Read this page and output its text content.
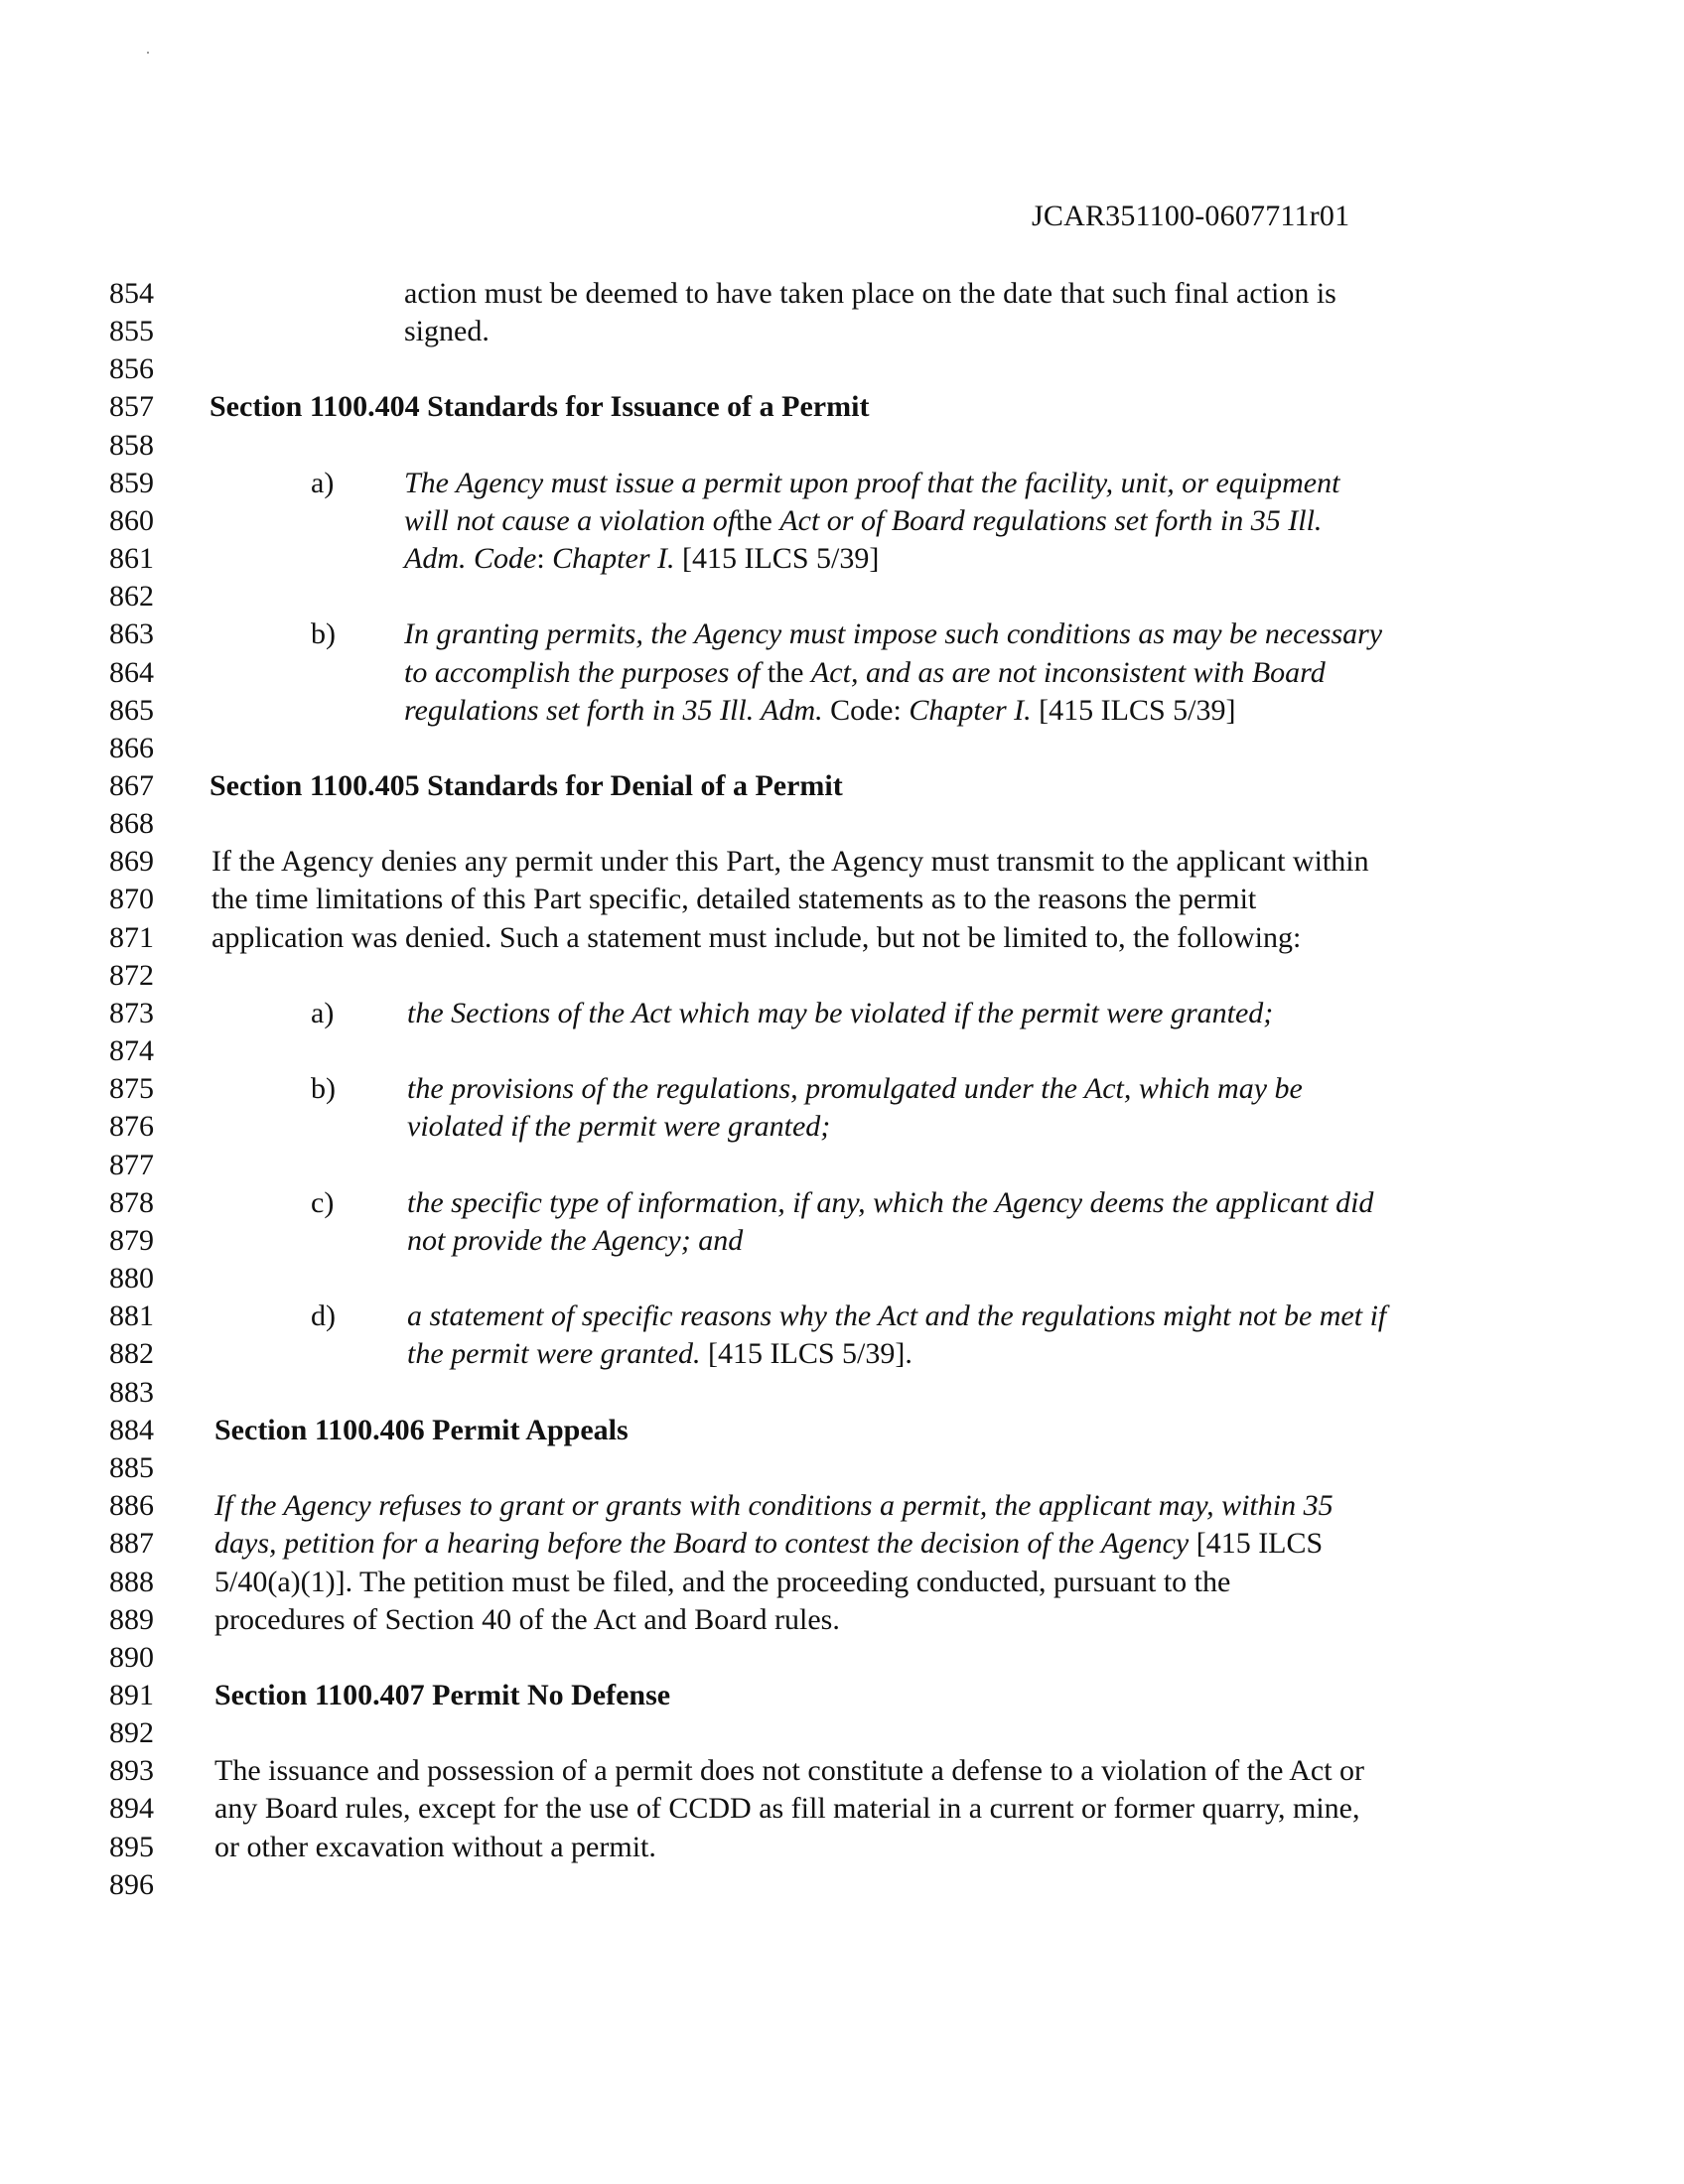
JCAR351100-0607711r01
854	action must be deemed to have taken place on the date that such final action is
855	signed.
856
857 Section 1100.404 Standards for Issuance of a Permit
858
859	a) The Agency must issue a permit upon proof that the facility, unit, or equipment
860	will not cause a violation ofthe Act or of Board regulations set forth in 35 Ill.
861	Adm. Code: Chapter I. [415 ILCS 5/39]
862
863	b) In granting permits, the Agency must impose such conditions as may be necessary
864	to accomplish the purposes of the Act, and as are not inconsistent with Board
865	regulations set forth in 35 Ill. Adm. Code: Chapter I. [415 ILCS 5/39]
866
867 Section 1100.405 Standards for Denial of a Permit
868
869 If the Agency denies any permit under this Part, the Agency must transmit to the applicant within
870 the time limitations of this Part specific, detailed statements as to the reasons the permit
871 application was denied. Such a statement must include, but not be limited to, the following:
872
873	a) the Sections of the Act which may be violated if the permit were granted;
874
875	b) the provisions of the regulations, promulgated under the Act, which may be
876	violated if the permit were granted;
877
878	c) the specific type of information, if any, which the Agency deems the applicant did
879	not provide the Agency; and
880
881	d) a statement of specific reasons why the Act and the regulations might not be met if
882	the permit were granted. [415 ILCS 5/39].
883
884 Section 1100.406 Permit Appeals
885
886 If the Agency refuses to grant or grants with conditions a permit, the applicant may, within 35
887 days, petition for a hearing before the Board to contest the decision of the Agency [415 ILCS
888 5/40(a)(1)]. The petition must be filed, and the proceeding conducted, pursuant to the
889 procedures of Section 40 of the Act and Board rules.
890
891 Section 1100.407 Permit No Defense
892
893 The issuance and possession of a permit does not constitute a defense to a violation of the Act or
894 any Board rules, except for the use of CCDD as fill material in a current or former quarry, mine,
895 or other excavation without a permit.
896
